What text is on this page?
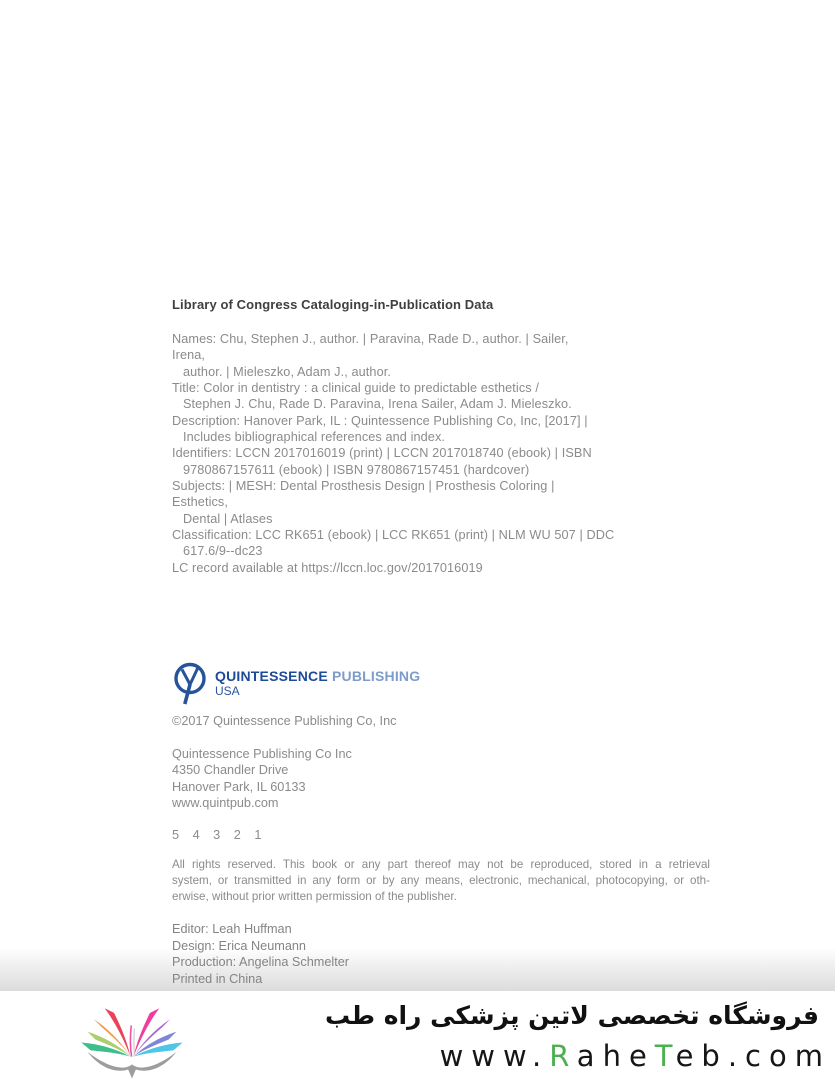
Library of Congress Cataloging-in-Publication Data
Names: Chu, Stephen J., author. | Paravina, Rade D., author. | Sailer,
Irena,
author. | Mieleszko, Adam J., author.
Title: Color in dentistry : a clinical guide to predictable esthetics /
Stephen J. Chu, Rade D. Paravina, Irena Sailer, Adam J. Mieleszko.
Description: Hanover Park, IL : Quintessence Publishing Co, Inc, [2017] |
Includes bibliographical references and index.
Identifiers: LCCN 2017016019 (print) | LCCN 2017018740 (ebook) | ISBN
9780867157611 (ebook) | ISBN 9780867157451 (hardcover)
Subjects: | MESH: Dental Prosthesis Design | Prosthesis Coloring |
Esthetics,
Dental | Atlases
Classification: LCC RK651 (ebook) | LCC RK651 (print) | NLM WU 507 | DDC
617.6/9--dc23
LC record available at https://lccn.loc.gov/2017016019
QUINTESSENCE PUBLISHING
USA
©2017 Quintessence Publishing Co, Inc
Quintessence Publishing Co Inc
4350 Chandler Drive
Hanover Park, IL 60133
www.quintpub.com
5 4 3 2 1
All rights reserved. This book or any part thereof may not be reproduced, stored in a retrieval
system, or transmitted in any form or by any means, electronic, mechanical, photocopying, or oth-
erwise, without prior written permission of the publisher.
Editor: Leah Huffman
Design: Erica Neumann
Production: Angelina Schmelter
Printed in China
فروشگاه تخصصی لاتین پزشکی راه طب
www.RaheTeb.com
